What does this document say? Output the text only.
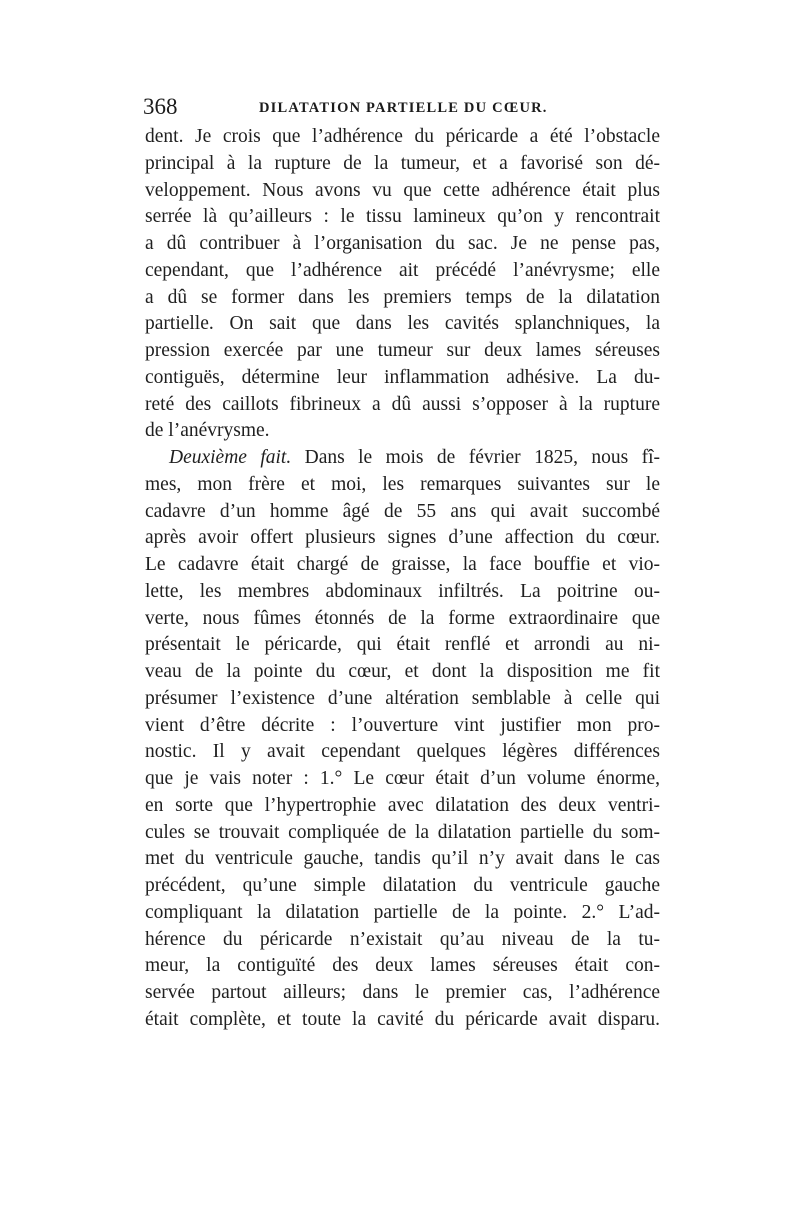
368	DILATATION PARTIELLE DU CŒUR.
dent. Je crois que l’adhérence du péricarde a été l’obstacle
principal à la rupture de la tumeur, et a favorisé son dé-
veloppement. Nous avons vu que cette adhérence était plus
serrée là qu’ailleurs : le tissu lamineux qu’on y rencontrait
a dû contribuer à l’organisation du sac. Je ne pense pas,
cependant, que l’adhérence ait précédé l’anévrysme; elle
a dû se former dans les premiers temps de la dilatation
partielle. On sait que dans les cavités splanchniques, la
pression exercée par une tumeur sur deux lames séreuses
contiguës, détermine leur inflammation adhésive. La du-
reté des caillots fibrineux a dû aussi s’opposer à la rupture
de l’anévrysme.
Deuxième fait. Dans le mois de février 1825, nous fî-
mes, mon frère et moi, les remarques suivantes sur le
cadavre d’un homme âgé de 55 ans qui avait succombé
après avoir offert plusieurs signes d’une affection du cœur.
Le cadavre était chargé de graisse, la face bouffie et vio-
lette, les membres abdominaux infiltrés. La poitrine ou-
verte, nous fûmes étonnés de la forme extraordinaire que
présentait le péricarde, qui était renflé et arrondi au ni-
veau de la pointe du cœur, et dont la disposition me fit
présumer l’existence d’une altération semblable à celle qui
vient d’être décrite : l’ouverture vint justifier mon pro-
nostic. Il y avait cependant quelques légères différences
que je vais noter : 1.° Le cœur était d’un volume énorme,
en sorte que l’hypertrophie avec dilatation des deux ventri-
cules se trouvait compliquée de la dilatation partielle du som-
met du ventricule gauche, tandis qu’il n’y avait dans le cas
précédent, qu’une simple dilatation du ventricule gauche
compliquant la dilatation partielle de la pointe. 2.° L’ad-
hérence du péricarde n’existait qu’au niveau de la tu-
meur, la contiguïté des deux lames séreuses était con-
servée partout ailleurs; dans le premier cas, l’adhérence
était complète, et toute la cavité du péricarde avait disparu.
